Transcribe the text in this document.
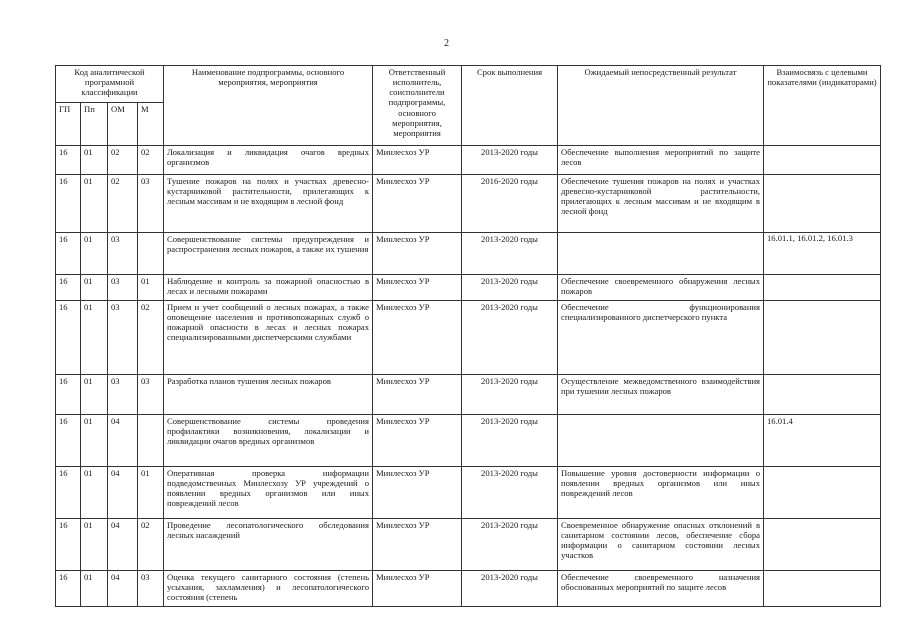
2
Код аналитической программной классификации				Наименование подпрограммы, основного мероприятия, мероприятия	Ответственный исполнитель, соисполнители подпрограммы, основного мероприятия, мероприятия	Срок выполнения	Ожидаемый непосредственный результат	Взаимосвязь с целевыми показателями (индикаторами)
ГП	Пп	ОМ	М					
16	01	02	02	Локализация и ликвидация очагов вредных организмов	Минлесхоз УР	2013-2020 годы	Обеспечение выполнения мероприятий по защите лесов	
16	01	02	03	Тушение пожаров на полях и участках древесно-кустарниковой растительности, прилегающих к лесным массивам и не входящим в лесной фонд	Минлесхоз УР	2016-2020 годы	Обеспечение тушения пожаров на полях и участках древесно-кустарниковой растительности, прилегающих к лесным массивам и не входящим в лесной фонд	
16	01	03		Совершенствование системы предупреждения и распространения лесных пожаров, а также их тушения	Минлесхоз УР	2013-2020 годы		16.01.1, 16.01.2, 16.01.3
16	01	03	01	Наблюдение и контроль за пожарной опасностью в лесах и лесными пожарами	Минлесхоз УР	2013-2020 годы	Обеспечение своевременного обнаружения лесных пожаров	
16	01	03	02	Прием и учет сообщений о лесных пожарах, а также оповещение населения и противопожарных служб о пожарной опасности в лесах и лесных пожарах специализированными диспетчерскими службами	Минлесхоз УР	2013-2020 годы	Обеспечение функционирования специализированного диспетчерского пункта	
16	01	03	03	Разработка планов тушения лесных пожаров	Минлесхоз УР	2013-2020 годы	Осуществление межведомственного взаимодействия при тушении лесных пожаров	
16	01	04		Совершенствование системы проведения профилактики возникновения, локализации и ликвидации очагов вредных организмов	Минлесхоз УР	2013-2020 годы		16.01.4
16	01	04	01	Оперативная проверка информации подведомственных Минлесхозу УР учреждений о появлении вредных организмов или иных повреждений лесов	Минлесхоз УР	2013-2020 годы	Повышение уровня достоверности информации о появлении вредных организмов или иных повреждений лесов	
16	01	04	02	Проведение лесопатологического обследования лесных насаждений	Минлесхоз УР	2013-2020 годы	Своевременное обнаружение опасных отклонений в санитарном состоянии лесов, обеспечение сбора информации о санитарном состоянии лесных участков	
16	01	04	03	Оценка текущего санитарного состояния (степень усыхания, захламления) и лесопатологического состояния (степень	Минлесхоз УР	2013-2020 годы	Обеспечение своевременного назначения обоснованных мероприятий по защите лесов	
